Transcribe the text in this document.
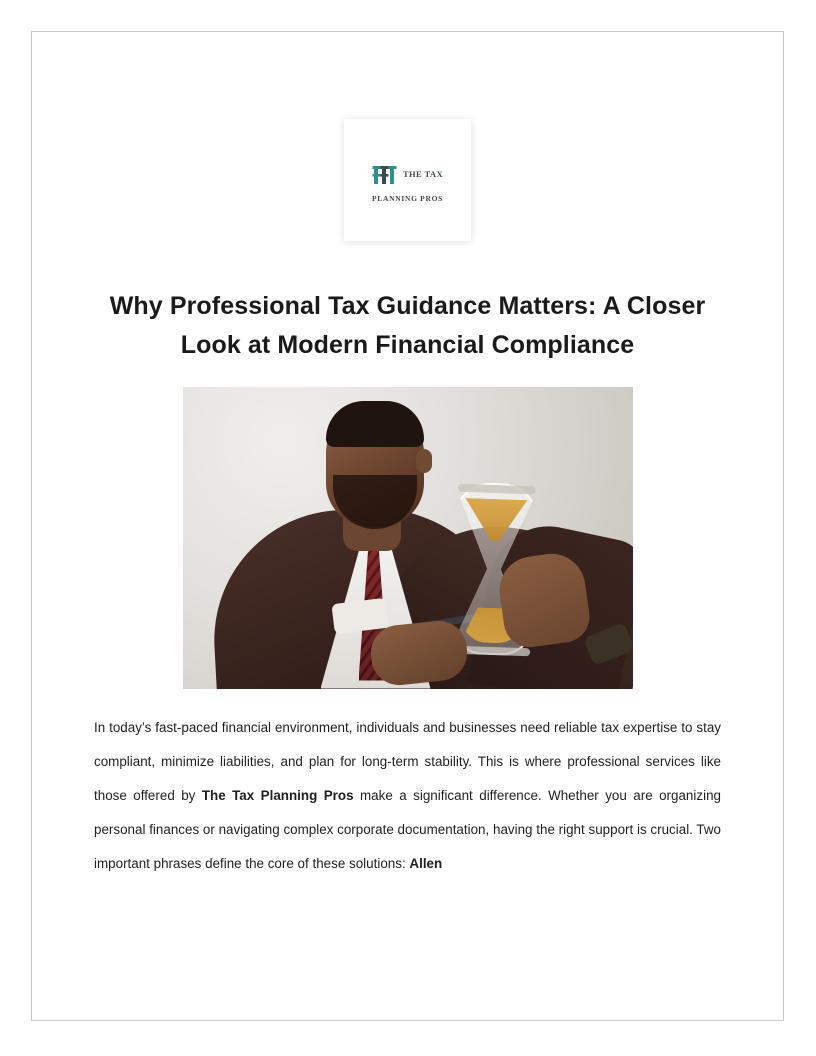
THE TAX
PLANNING PROS
Why Professional Tax Guidance Matters: A Closer Look at Modern Financial Compliance

In today’s fast-paced financial environment, individuals and businesses need reliable tax expertise to stay compliant, minimize liabilities, and plan for long-term stability. This is where professional services like those offered by The Tax Planning Pros make a significant difference. Whether you are organizing personal finances or navigating complex corporate documentation, having the right support is crucial. Two important phrases define the core of these solutions: Allen
